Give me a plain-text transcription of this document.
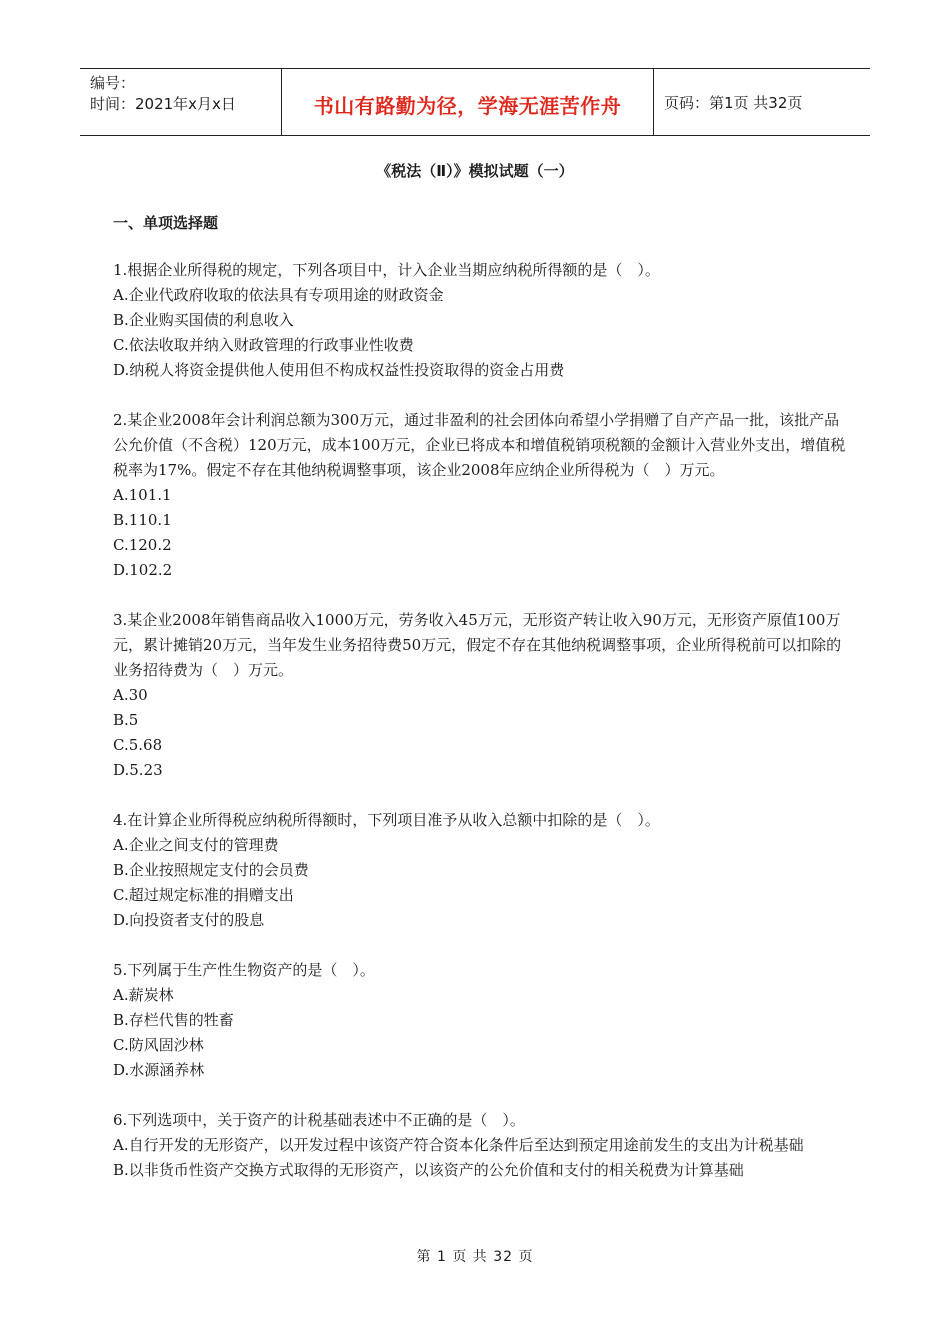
编号：
时间：2021年x月x日	书山有路勤为径，学海无涯苦作舟	页码：第1页 共32页
《税法（Ⅱ）》模拟试题（一）
一、单项选择题

1.根据企业所得税的规定，下列各项目中，计入企业当期应纳税所得额的是（　）。

A.企业代政府收取的依法具有专项用途的财政资金

B.企业购买国债的利息收入

C.依法收取并纳入财政管理的行政事业性收费

D.纳税人将资金提供他人使用但不构成权益性投资取得的资金占用费

2.某企业2008年会计利润总额为300万元，通过非盈利的社会团体向希望小学捐赠了自产产品一批，该批产品公允价值（不含税）120万元，成本100万元，企业已将成本和增值税销项税额的金额计入营业外支出，增值税税率为17%。假定不存在其他纳税调整事项，该企业2008年应纳企业所得税为（　）万元。

A.101.1

B.110.1

C.120.2

D.102.2

3.某企业2008年销售商品收入1000万元，劳务收入45万元，无形资产转让收入90万元，无形资产原值100万元，累计摊销20万元，当年发生业务招待费50万元，假定不存在其他纳税调整事项，企业所得税前可以扣除的业务招待费为（　）万元。

A.30

B.5

C.5.68

D.5.23

4.在计算企业所得税应纳税所得额时，下列项目准予从收入总额中扣除的是（　）。

A.企业之间支付的管理费

B.企业按照规定支付的会员费

C.超过规定标准的捐赠支出

D.向投资者支付的股息

5.下列属于生产性生物资产的是（　）。

A.薪炭林

B.存栏代售的牲畜

C.防风固沙林

D.水源涵养林

6.下列选项中，关于资产的计税基础表述中不正确的是（　）。

A.自行开发的无形资产，以开发过程中该资产符合资本化条件后至达到预定用途前发生的支出为计税基础

B.以非货币性资产交换方式取得的无形资产，以该资产的公允价值和支付的相关税费为计算基础

第 1 页 共 32 页
